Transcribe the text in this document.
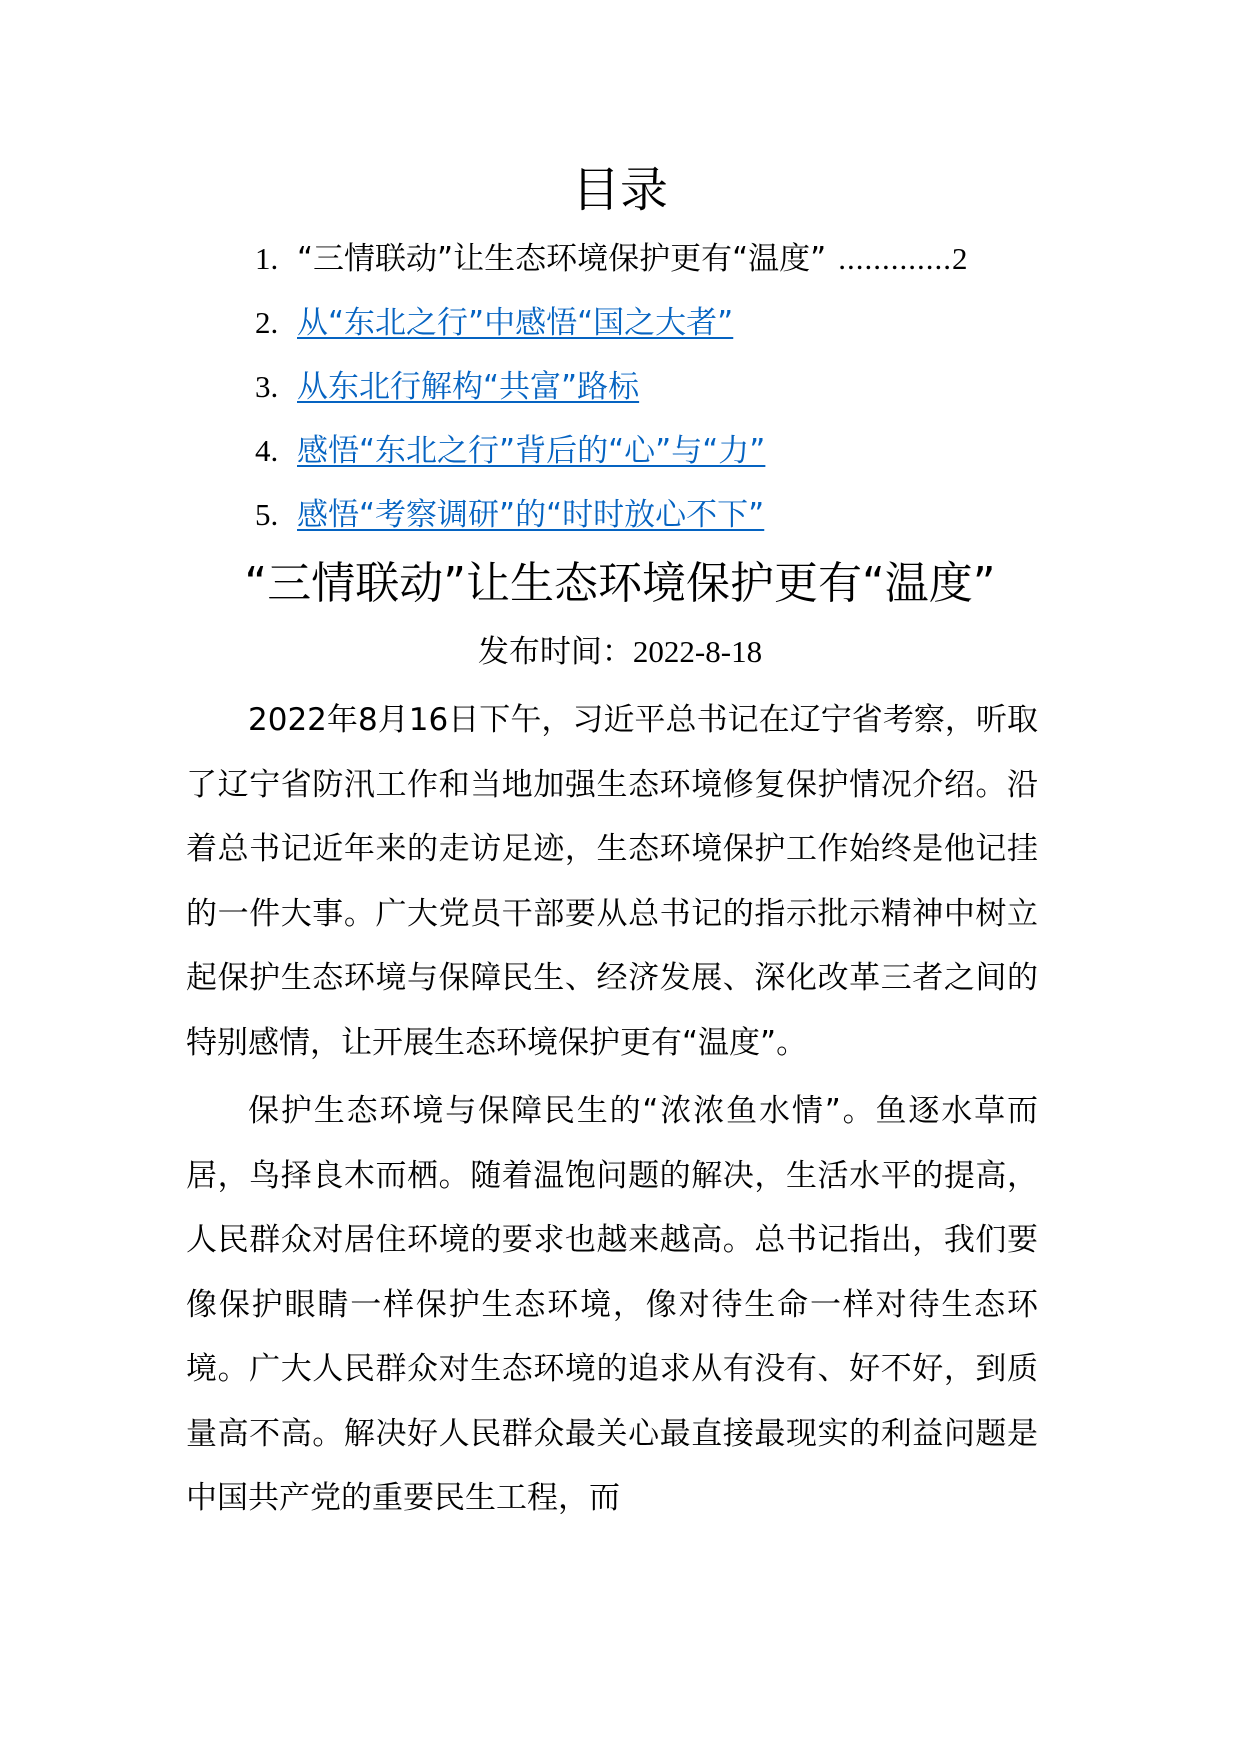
目录
1. “三情联动”让生态环境保护更有“温度” ............. 2
2. 从“东北之行”中感悟“国之大者”
3. 从东北行解构“共富”路标
4. 感悟“东北之行”背后的“心”与“力”
5. 感悟“考察调研”的“时时放心不下”
“三情联动”让生态环境保护更有“温度”
发布时间：2022-8-18

2022年8月16日下午，习近平总书记在辽宁省考察，听取了辽宁省防汛工作和当地加强生态环境修复保护情况介绍。沿着总书记近年来的走访足迹，生态环境保护工作始终是他记挂的一件大事。广大党员干部要从总书记的指示批示精神中树立起保护生态环境与保障民生、经济发展、深化改革三者之间的特别感情，让开展生态环境保护更有“温度”。

保护生态环境与保障民生的“浓浓鱼水情”。鱼逐水草而居，鸟择良木而栖。随着温饱问题的解决，生活水平的提高，人民群众对居住环境的要求也越来越高。总书记指出，我们要像保护眼睛一样保护生态环境，像对待生命一样对待生态环境。广大人民群众对生态环境的追求从有没有、好不好，到质量高不高。解决好人民群众最关心最直接最现实的利益问题是中国共产党的重要民生工程，而
